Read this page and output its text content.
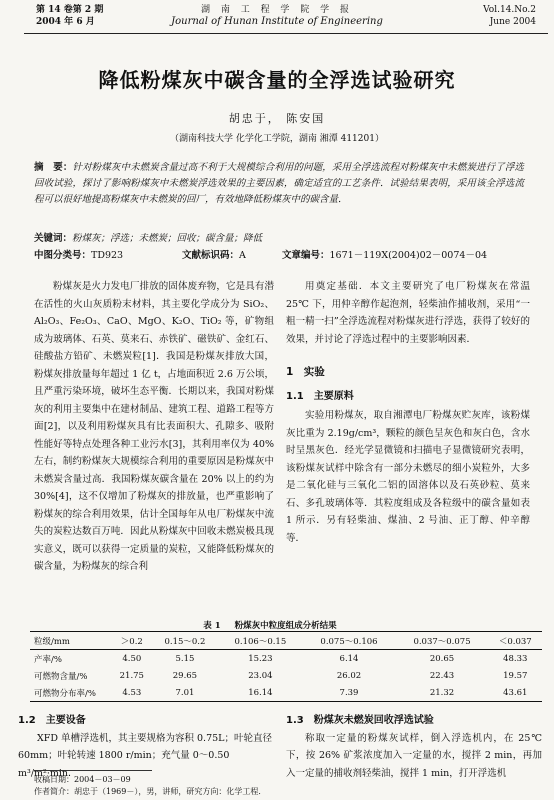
第 14 卷第 2 期
2004 年 6 月
湖 南 工 程 学 院 学 报
Journal of Hunan Institute of Engineering
Vol.14.No.2
June 2004
降低粉煤灰中碳含量的全浮选试验研究
胡忠于， 陈安国
（湖南科技大学 化学化工学院，湖南 湘潭 411201）
摘　要：针对粉煤灰中未燃炭含量过高不利于大规模综合利用的问题，采用全浮选流程对粉煤灰中未燃炭进行了浮选回收试验，探讨了影响粉煤灰中未燃炭浮选效果的主要因素，确定适宜的工艺条件．试验结果表明，采用该全浮选流程可以很好地提高粉煤灰中未燃炭的回厂，有效地降低粉煤灰中的碳含量．
关键词：粉煤灰；浮选；未燃炭；回收；碳含量；降低
中图分类号：TD923	文献标识码：A	文章编号：1671－119X(2004)02－0074－04

粉煤灰是火力发电厂排放的固体废弃物，它是具有潜在活性的火山灰质粉末材料，其主要化学成分为 SiO₂、Al₂O₃、Fe₂O₃、CaO、MgO、K₂O、TiO₂ 等，矿物组成为玻璃体、石英、莫来石、赤铁矿、磁铁矿、金红石、硅酸盐方铅矿、未燃炭粒[1]．我国是粉煤灰排放大国，粉煤灰排放量每年超过 1 亿 t，占地面积近 2.6 万公顷，且严重污染环境，破坏生态平衡．长期以来，我国对粉煤灰的利用主要集中在建材制品、建筑工程、道路工程等方面[2]，以及利用粉煤灰具有比表面积大、孔隙多、吸附性能好等特点处理各种工业污水[3]，其利用率仅为 40% 左右，制约粉煤灰大规模综合利用的重要原因是粉煤灰中未燃炭含量过高．我国粉煤灰碳含量在 20% 以上的约为 30%[4]，这不仅增加了粉煤灰的排放量，也严重影响了粉煤灰的综合利用效果，估计全国每年从电厂粉煤灰中流失的炭粒达数百万吨．因此从粉煤灰中回收未燃炭极具现实意义，既可以获得一定质量的炭粒，又能降低粉煤灰的碳含量，为粉煤灰的综合利

用奠定基础．本文主要研究了电厂粉煤灰在常温 25℃ 下，用仲辛醇作起泡剂，轻柴油作捕收剂，采用“一粗一精一扫”全浮选流程对粉煤灰进行浮选，获得了较好的效果，并讨论了浮选过程中的主要影响因素．

1　实验
1.1　主要原料

实验用粉煤灰，取自湘潭电厂粉煤灰贮灰库，该粉煤灰比重为 2.19g/cm³，颗粒的颜色呈灰色和灰白色，含水时呈黑灰色．经光学显微镜和扫描电子显微镜研究表明，该粉煤灰试样中除含有一部分未燃尽的细小炭粒外，大多是二氧化硅与三氧化二铝的固溶体以及石英砂粒、莫来石、多孔玻璃体等．其粒度组成及各粒级中的碳含量如表 1 所示．另有轻柴油、煤油、2 号油、正丁醇、仲辛醇等．

表 1 粉煤灰中粒度组成分析结果
粒级/mm	＞0.2	0.15～0.2	0.106～0.15	0.075～0.106	0.037～0.075	＜0.037
产率/%	4.50	5.15	15.23	6.14	20.65	48.33
可燃物含量/%	21.75	29.65	23.04	26.02	22.43	19.57
可燃物分布率/%	4.53	7.01	16.14	7.39	21.32	43.61
1.2　主要设备

XFD 单槽浮选机，其主要规格为容积 0.75L；叶轮直径 60mm；叶轮转速 1800 r/min；充气量 0～0.50 m³/m²·min．

1.3　粉煤灰未燃炭回收浮选试验

称取一定量的粉煤灰试样，倒入浮选机内，在 25℃ 下，按 26% 矿浆浓度加入一定量的水，搅拌 2 min，再加入一定量的捕收剂轻柴油，搅拌 1 min，打开浮选机

收稿日期：2004－03－09
作者简介：胡忠于（1969－），男，讲师，研究方向：化学工程．
